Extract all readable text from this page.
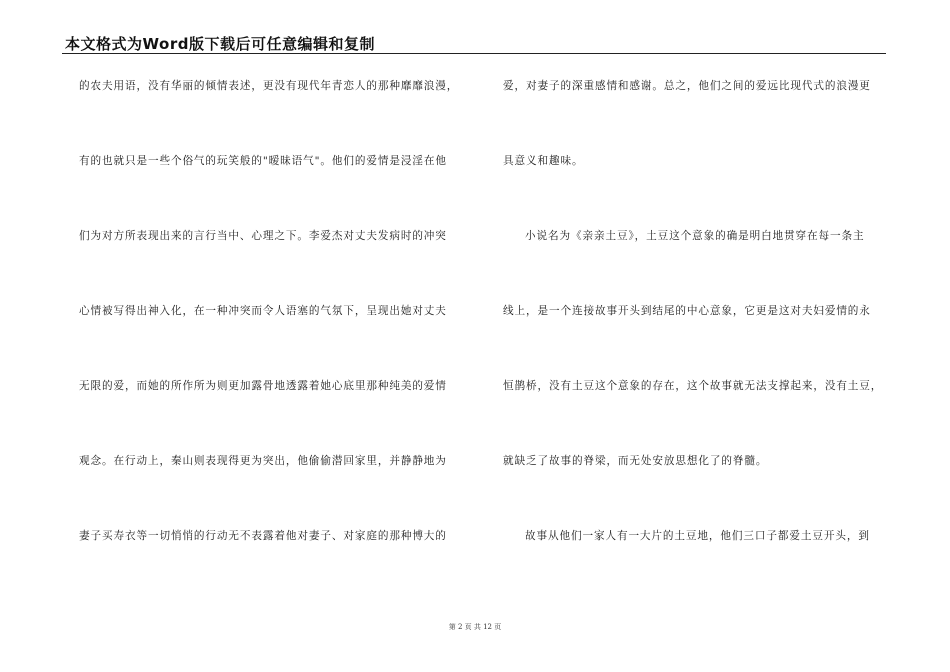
本文格式为Word版下载后可任意编辑和复制
的农夫用语，没有华丽的倾情表述，更没有现代年青恋人的那种靡靡浪漫，
有的也就只是一些个俗气的玩笑般的"暧昧语气"。他们的爱情是浸淫在他
们为对方所表现出来的言行当中、心理之下。李爱杰对丈夫发病时的冲突
心情被写得出神入化，在一种冲突而令人语塞的气氛下，呈现出她对丈夫
无限的爱，而她的所作所为则更加露骨地透露着她心底里那种纯美的爱情
观念。在行动上，秦山则表现得更为突出，他偷偷潜回家里，并静静地为
妻子买寿衣等一切悄悄的行动无不表露着他对妻子、对家庭的那种博大的
爱，对妻子的深重感情和感谢。总之，他们之间的爱远比现代式的浪漫更
具意义和趣味。
小说名为《亲亲土豆》，土豆这个意象的确是明白地贯穿在每一条主
线上，是一个连接故事开头到结尾的中心意象，它更是这对夫妇爱情的永
恒鹊桥，没有土豆这个意象的存在，这个故事就无法支撑起来，没有土豆，
就缺乏了故事的脊梁，而无处安放思想化了的脊髓。
故事从他们一家人有一大片的土豆地，他们三口子都爱土豆开头，到
第 2 页 共 12 页
